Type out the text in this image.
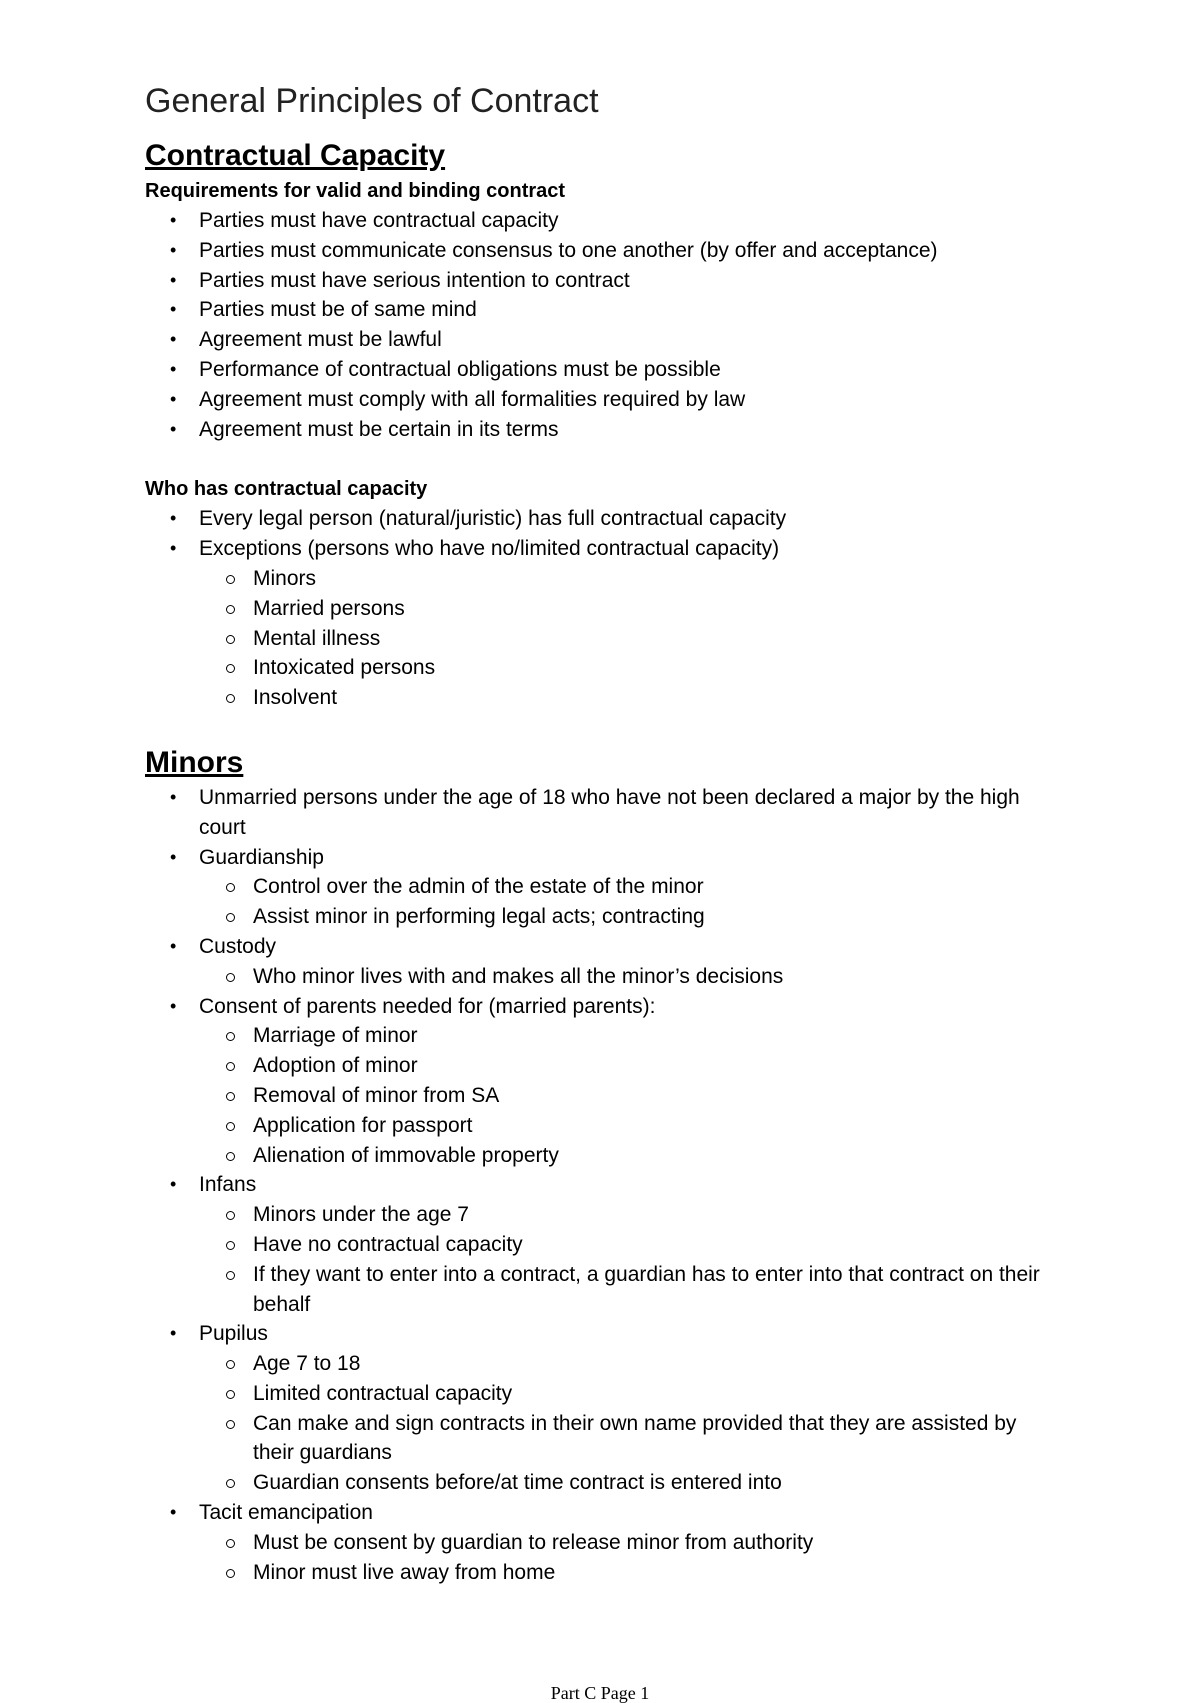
General Principles of Contract
Contractual Capacity
Requirements for valid and binding contract
• Parties must have contractual capacity
• Parties must communicate consensus to one another (by offer and acceptance)
• Parties must have serious intention to contract
• Parties must be of same mind
• Agreement must be lawful
• Performance of contractual obligations must be possible
• Agreement must comply with all formalities required by law
• Agreement must be certain in its terms
Who has contractual capacity
• Every legal person (natural/juristic) has full contractual capacity
• Exceptions (persons who have no/limited contractual capacity)
Minors
Married persons
Mental illness
Intoxicated persons
Insolvent
Minors
• Unmarried persons under the age of 18 who have not been declared a major by the high court
• Guardianship
Control over the admin of the estate of the minor
Assist minor in performing legal acts; contracting
• Custody
Who minor lives with and makes all the minor’s decisions
• Consent of parents needed for (married parents):
Marriage of minor
Adoption of minor
Removal of minor from SA
Application for passport
Alienation of immovable property
• Infans
Minors under the age 7
Have no contractual capacity
If they want to enter into a contract, a guardian has to enter into that contract on their behalf
• Pupilus
Age 7 to 18
Limited contractual capacity
Can make and sign contracts in their own name provided that they are assisted by their guardians
Guardian consents before/at time contract is entered into
• Tacit emancipation
Must be consent by guardian to release minor from authority
Minor must live away from home
Part C Page 1
